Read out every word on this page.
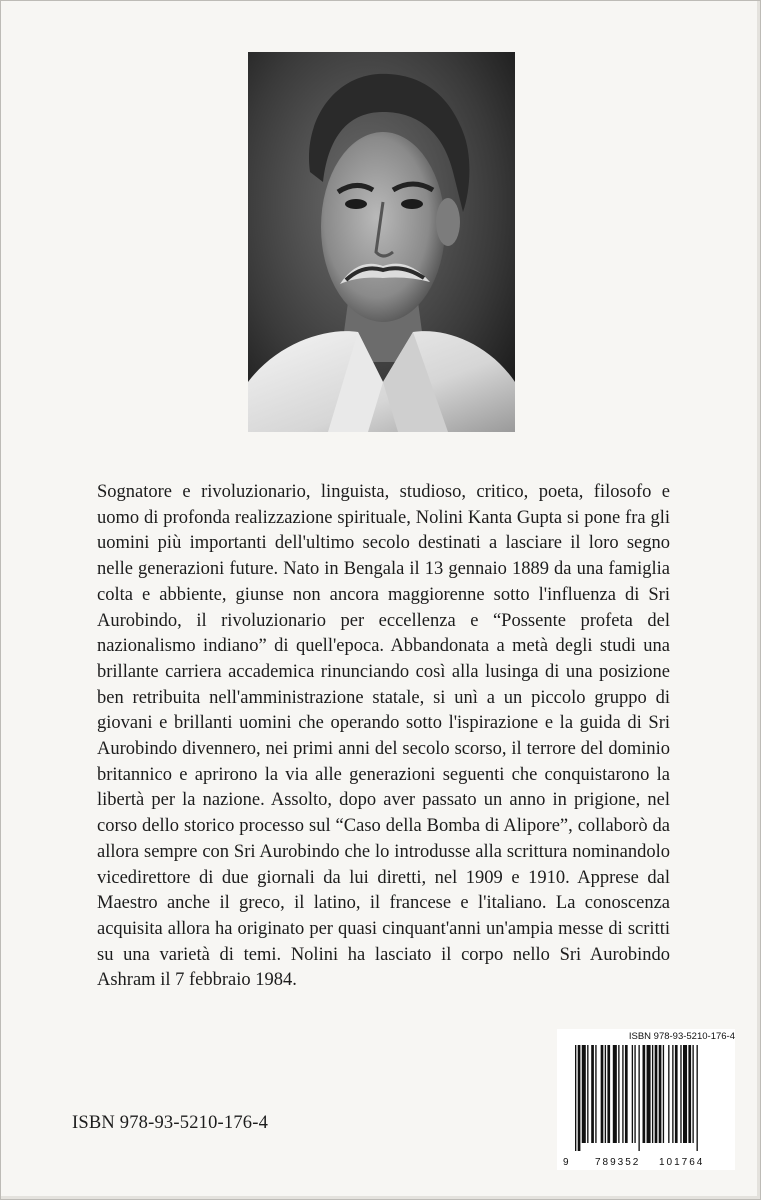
Sognatore e rivoluzionario, linguista, studioso, critico, poeta, filosofo e uomo di profonda realizzazione spirituale, Nolini Kanta Gupta si pone fra gli uomini più importanti dell'ultimo secolo destinati a lasciare il loro segno nelle generazioni future. Nato in Bengala il 13 gennaio 1889 da una famiglia colta e abbiente, giunse non ancora maggiorenne sotto l'influenza di Sri Aurobindo, il rivoluzionario per eccellenza e “Possente profeta del nazionalismo indiano” di quell'epoca. Abbandonata a metà degli studi una brillante carriera accademica rinunciando così alla lusinga di una posizione ben retribuita nell'amministrazione statale, si unì a un piccolo gruppo di giovani e brillanti uomini che operando sotto l'ispirazione e la guida di Sri Aurobindo divennero, nei primi anni del secolo scorso, il terrore del dominio britannico e aprirono la via alle generazioni seguenti che conquistarono la libertà per la nazione. Assolto, dopo aver passato un anno in prigione, nel corso dello storico processo sul “Caso della Bomba di Alipore”, collaborò da allora sempre con Sri Aurobindo che lo introdusse alla scrittura nominandolo vicedirettore di due giornali da lui diretti, nel 1909 e 1910. Apprese dal Maestro anche il greco, il latino, il francese e l'italiano. La conoscenza acquisita allora ha originato per quasi cinquant'anni un'ampia messe di scritti su una varietà di temi. Nolini ha lasciato il corpo nello Sri Aurobindo Ashram il 7 febbraio 1984.

ISBN 978-93-5210-176-4
ISBN 978-93-5210-176-4
9	789352 101764
